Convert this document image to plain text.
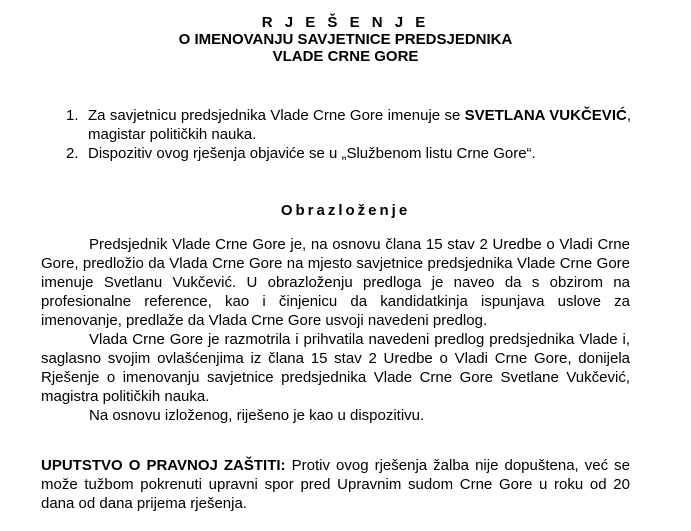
R J E Š E N J E
O IMENOVANJU SAVJETNICE PREDSJEDNIKA
VLADE CRNE GORE
1. Za savjetnicu predsjednika Vlade Crne Gore imenuje se SVETLANA VUKČEVIĆ, magistar političkih nauka.
2. Dispozitiv ovog rješenja objaviće se u „Službenom listu Crne Gore“.
Obrazloženje

Predsjednik Vlade Crne Gore je, na osnovu člana 15 stav 2 Uredbe o Vladi Crne Gore, predložio da Vlada Crne Gore na mjesto savjetnice predsjednika Vlade Crne Gore imenuje Svetlanu Vukčević. U obrazloženju predloga je naveo da s obzirom na profesionalne reference, kao i činjenicu da kandidatkinja ispunjava uslove za imenovanje, predlaže da Vlada Crne Gore usvoji navedeni predlog.

Vlada Crne Gore je razmotrila i prihvatila navedeni predlog predsjednika Vlade i, saglasno svojim ovlašćenjima iz člana 15 stav 2 Uredbe o Vladi Crne Gore, donijela Rješenje o imenovanju savjetnice predsjednika Vlade Crne Gore Svetlane Vukčević, magistra političkih nauka.

Na osnovu izloženog, riješeno je kao u dispozitivu.

UPUTSTVO O PRAVNOJ ZAŠTITI: Protiv ovog rješenja žalba nije dopuštena, već se može tužbom pokrenuti upravni spor pred Upravnim sudom Crne Gore u roku od 20 dana od dana prijema rješenja.
